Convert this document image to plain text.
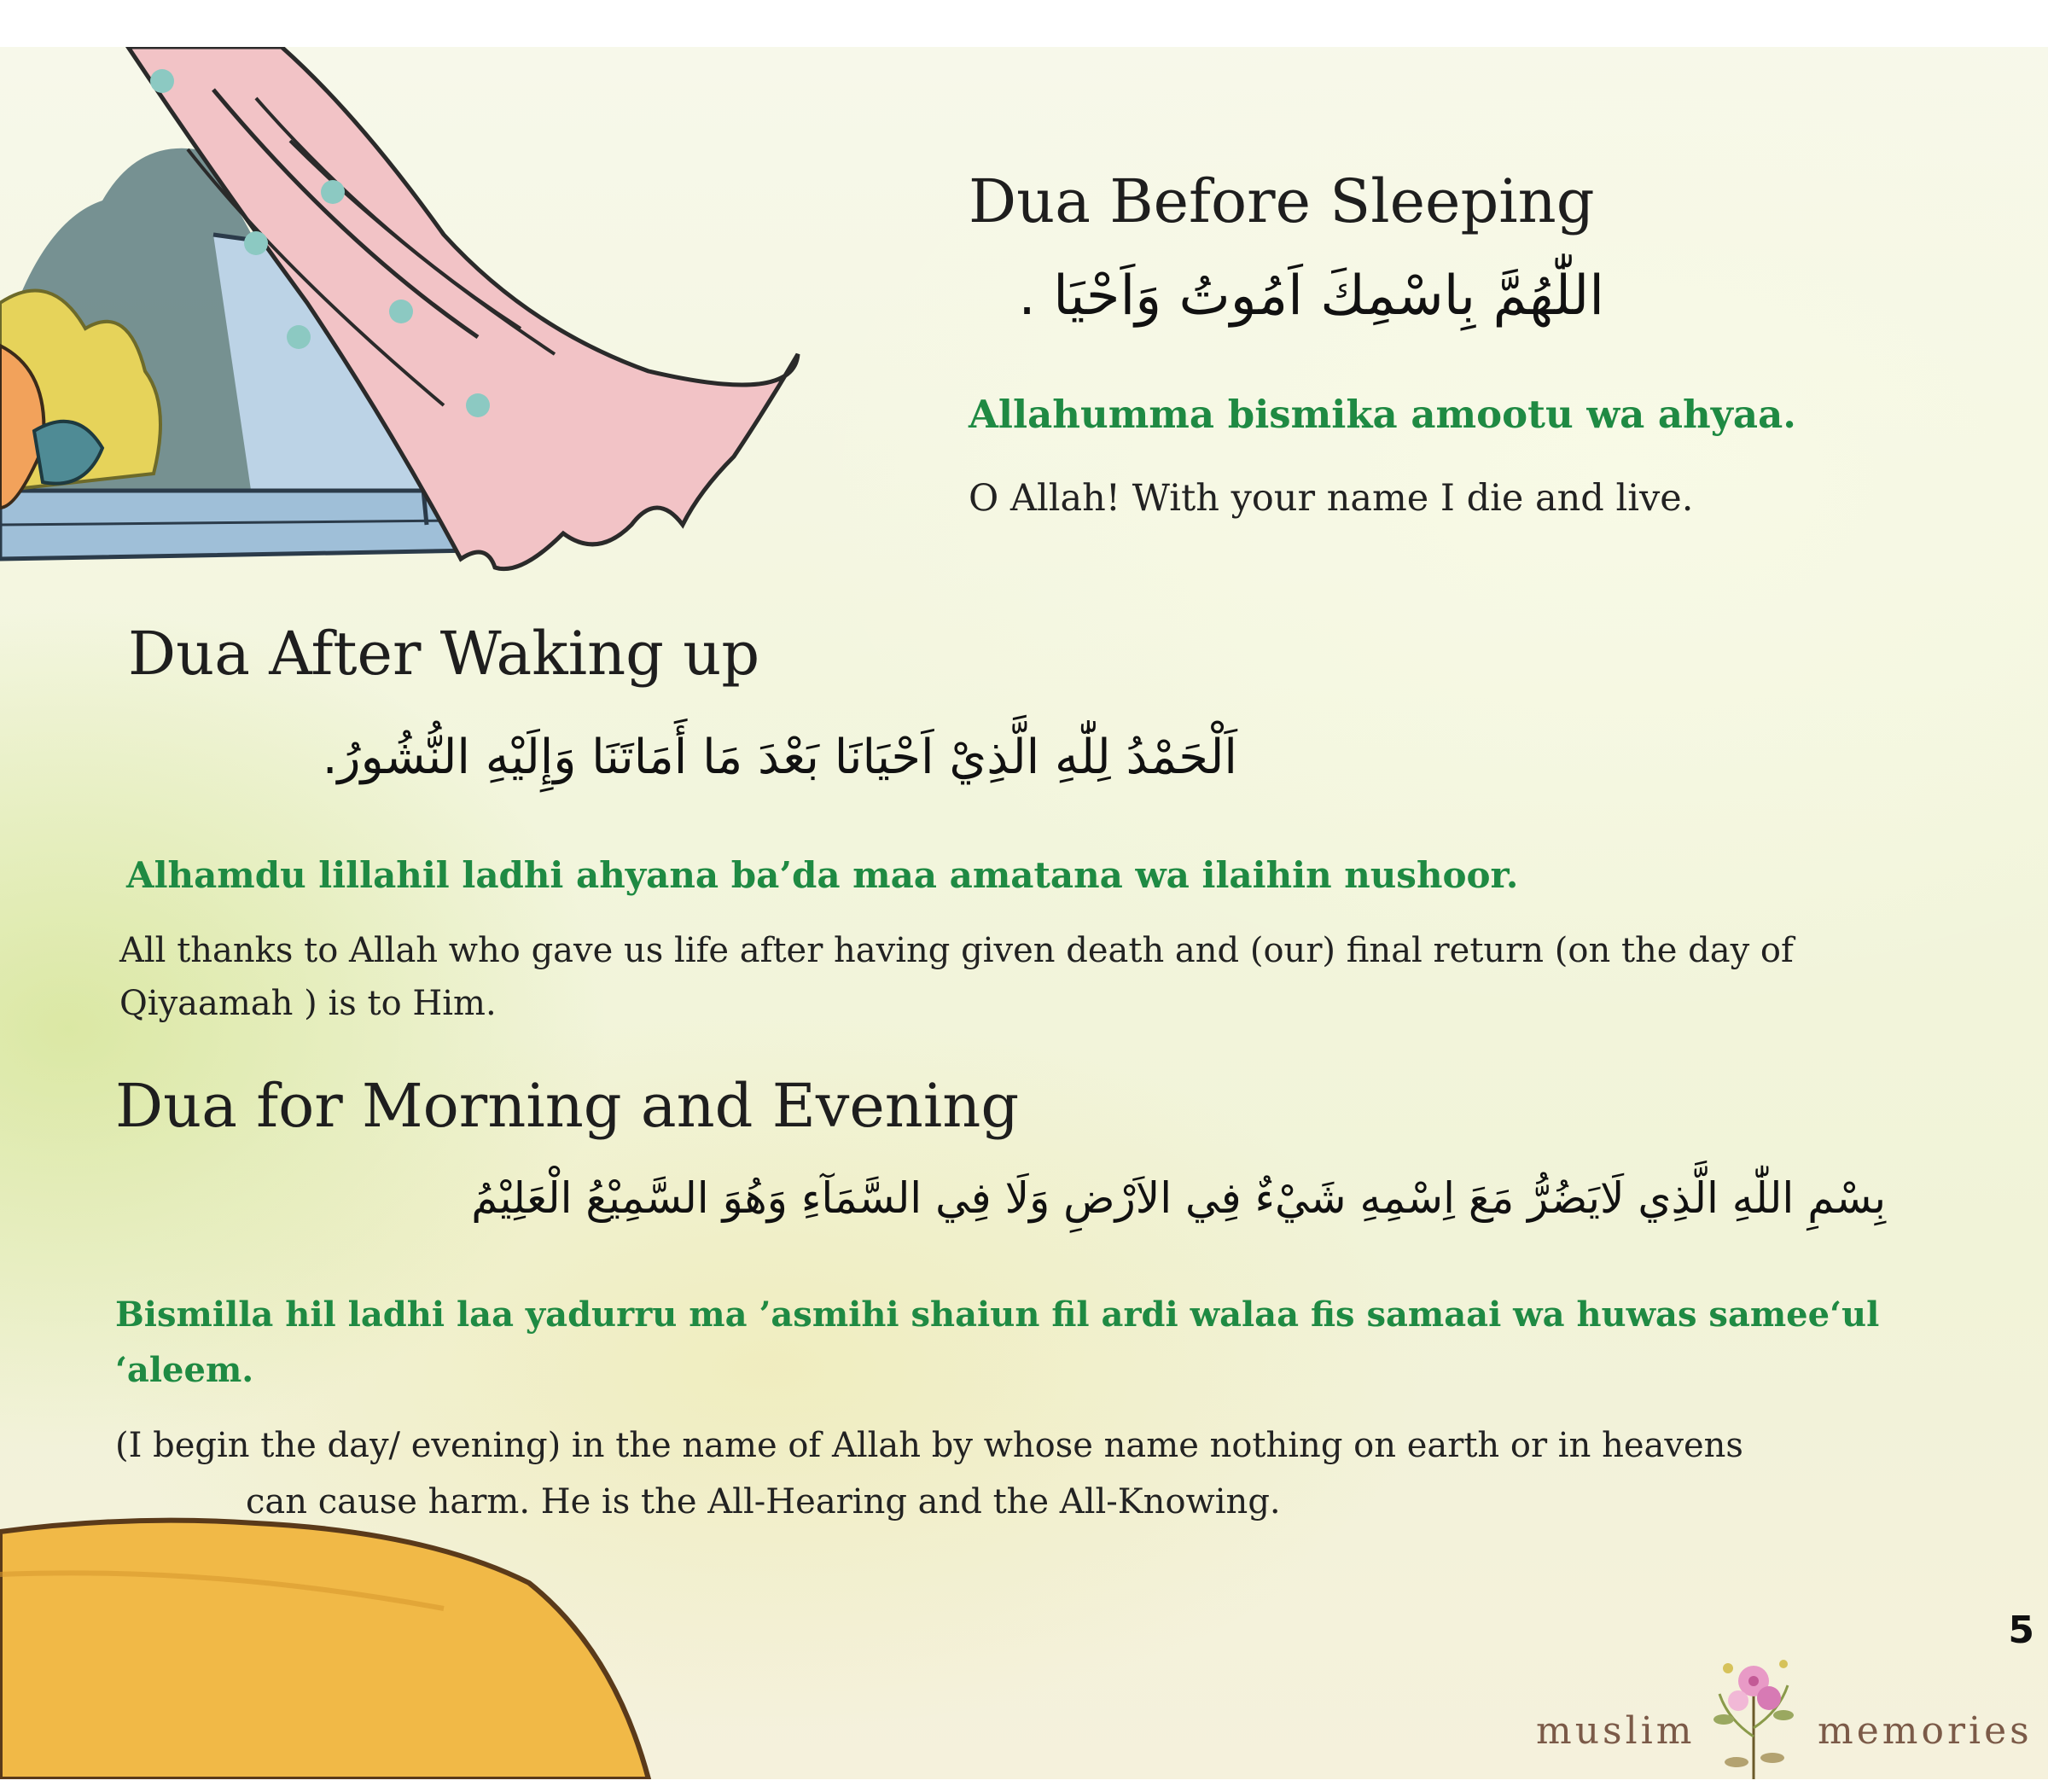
Dua Before Sleeping
اللّٰهُمَّ بِاسْمِكَ اَمُوتُ وَاَحْيَا .
Allahumma bismika amootu wa ahyaa.
O Allah! With your name I die and live.
Dua After Waking up
اَلْحَمْدُ لِلّٰهِ الَّذِيْ اَحْيَانَا بَعْدَ مَا أَمَاتَنَا وَإِلَيْهِ النُّشُورُ.
Alhamdu lillahil ladhi ahyana ba’da maa amatana wa ilaihin nushoor.
All thanks to Allah who gave us life after having given death and (our) final return (on the day of
Qiyaamah ) is to Him.
Dua for Morning and Evening
بِسْمِ اللّٰهِ الَّذِي لَايَضُرُّ مَعَ اِسْمِهِ شَيْءٌ فِي الاَرْضِ وَلَا فِي السَّمَآءِ وَهُوَ السَّمِيْعُ الْعَلِيْمُ
Bismilla hil ladhi laa yadurru ma ’asmihi shaiun fil ardi walaa fis samaai wa huwas samee‘ul
‘aleem.
(I begin the day/ evening) in the name of Allah by whose name nothing on earth or in heavens
can cause harm. He is the All-Hearing and the All-Knowing.
5
muslim	memories
